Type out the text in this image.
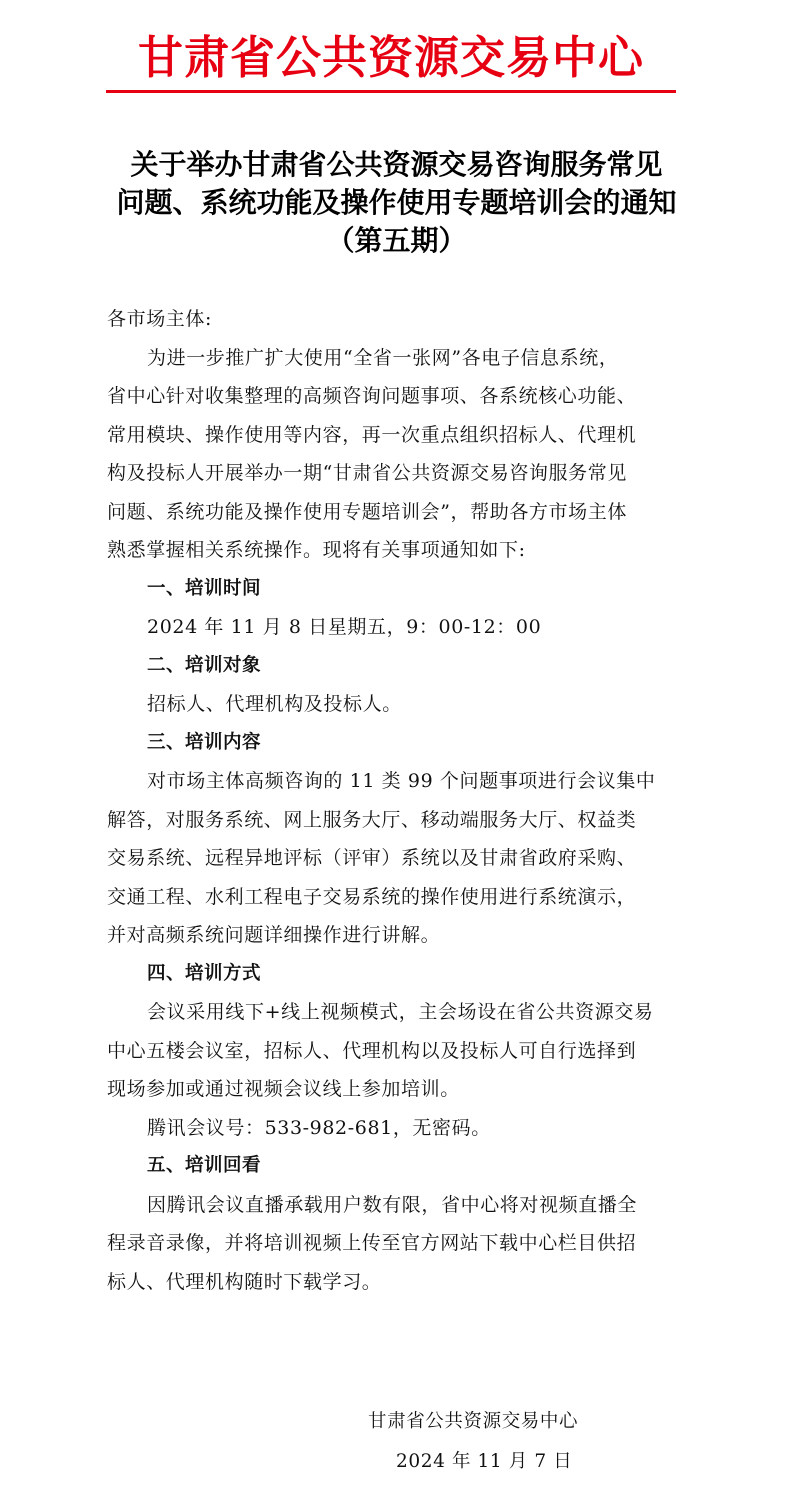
甘肃省公共资源交易中心
关于举办甘肃省公共资源交易咨询服务常见
问题、系统功能及操作使用专题培训会的通知
（第五期）

各市场主体:

为进一步推广扩大使用“全省一张网”各电子信息系统，

省中心针对收集整理的高频咨询问题事项、各系统核心功能、

常用模块、操作使用等内容，再一次重点组织招标人、代理机

构及投标人开展举办一期“甘肃省公共资源交易咨询服务常见

问题、系统功能及操作使用专题培训会”，帮助各方市场主体

熟悉掌握相关系统操作。现将有关事项通知如下:

一、培训时间

2024 年 11 月 8 日星期五，9：00-12：00

二、培训对象

招标人、代理机构及投标人。

三、培训内容

对市场主体高频咨询的 11 类 99 个问题事项进行会议集中

解答，对服务系统、网上服务大厅、移动端服务大厅、权益类

交易系统、远程异地评标（评审）系统以及甘肃省政府采购、

交通工程、水利工程电子交易系统的操作使用进行系统演示，

并对高频系统问题详细操作进行讲解。

四、培训方式

会议采用线下+线上视频模式，主会场设在省公共资源交易

中心五楼会议室，招标人、代理机构以及投标人可自行选择到

现场参加或通过视频会议线上参加培训。

腾讯会议号：533-982-681，无密码。

五、培训回看

因腾讯会议直播承载用户数有限，省中心将对视频直播全

程录音录像，并将培训视频上传至官方网站下载中心栏目供招

标人、代理机构随时下载学习。

甘肃省公共资源交易中心
2024 年 11 月 7 日
